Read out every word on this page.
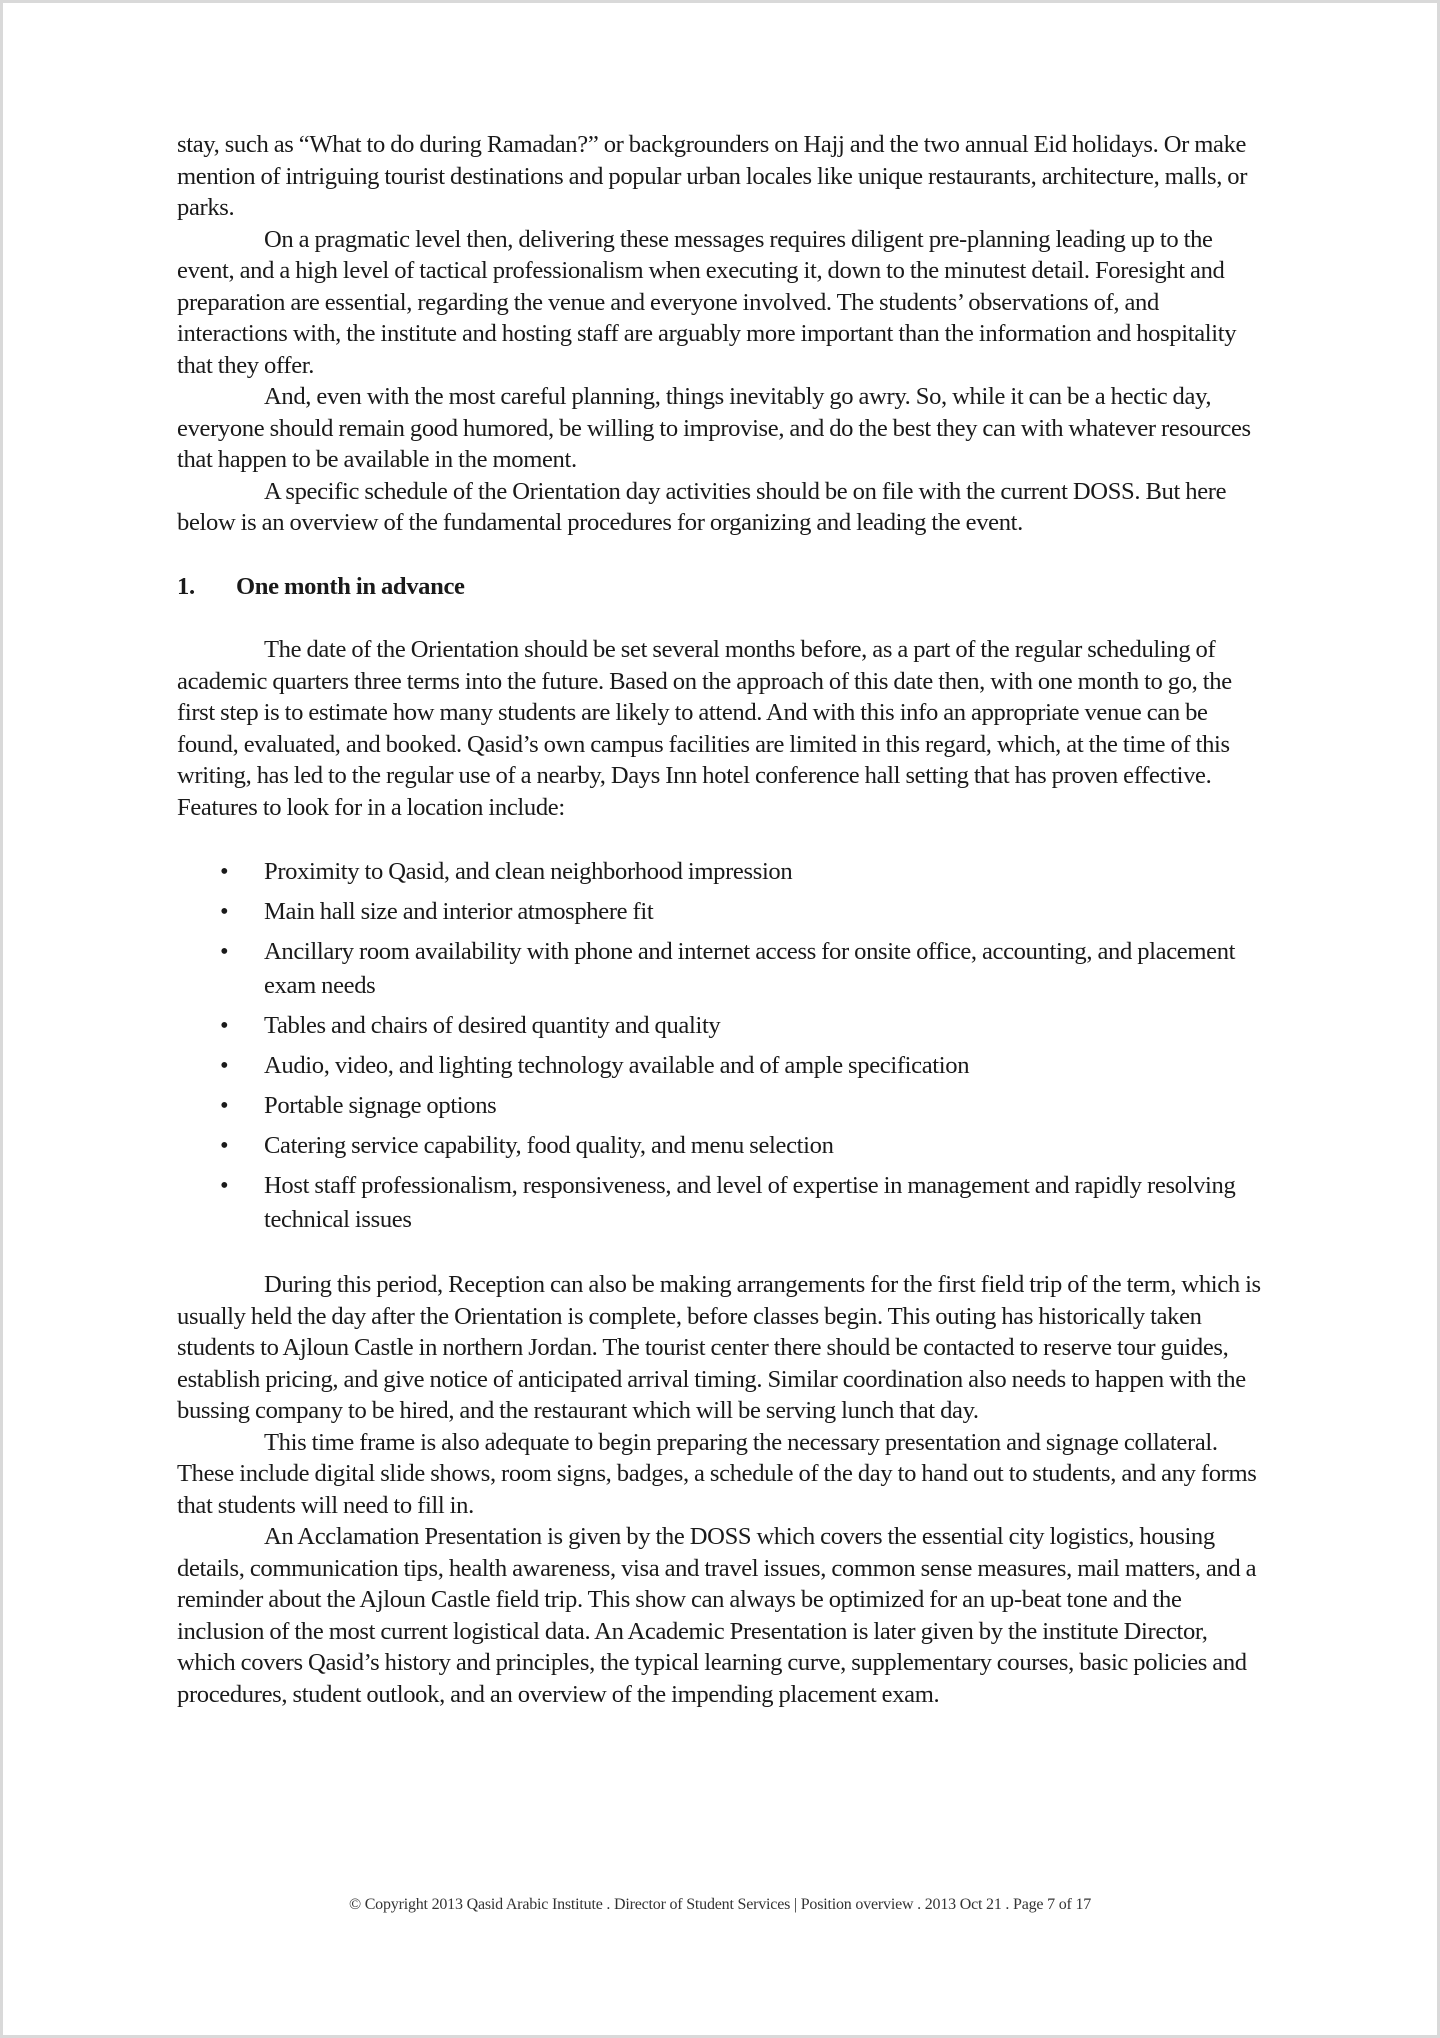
stay, such as “What to do during Ramadan?” or backgrounders on Hajj and the two annual Eid holidays. Or make mention of intriguing tourist destinations and popular urban locales like unique restaurants, architecture, malls, or parks.

On a pragmatic level then, delivering these messages requires diligent pre-planning leading up to the event, and a high level of tactical professionalism when executing it, down to the minutest detail. Foresight and preparation are essential, regarding the venue and everyone involved. The students’ observations of, and interactions with, the institute and hosting staff are arguably more important than the information and hospitality that they offer.

And, even with the most careful planning, things inevitably go awry. So, while it can be a hectic day, everyone should remain good humored, be willing to improvise, and do the best they can with whatever resources that happen to be available in the moment.

A specific schedule of the Orientation day activities should be on file with the current DOSS. But here below is an overview of the fundamental procedures for organizing and leading the event.

1.	One month in advance

The date of the Orientation should be set several months before, as a part of the regular scheduling of academic quarters three terms into the future. Based on the approach of this date then, with one month to go, the first step is to estimate how many students are likely to attend. And with this info an appropriate venue can be found, evaluated, and booked. Qasid’s own campus facilities are limited in this regard, which, at the time of this writing, has led to the regular use of a nearby, Days Inn hotel conference hall setting that has proven effective. Features to look for in a location include:

• Proximity to Qasid, and clean neighborhood impression
• Main hall size and interior atmosphere fit
• Ancillary room availability with phone and internet access for onsite office, accounting, and placement exam needs
• Tables and chairs of desired quantity and quality
• Audio, video, and lighting technology available and of ample specification
• Portable signage options
• Catering service capability, food quality, and menu selection
• Host staff professionalism, responsiveness, and level of expertise in management and rapidly resolving technical issues

During this period, Reception can also be making arrangements for the first field trip of the term, which is usually held the day after the Orientation is complete, before classes begin. This outing has historically taken students to Ajloun Castle in northern Jordan. The tourist center there should be contacted to reserve tour guides, establish pricing, and give notice of anticipated arrival timing. Similar coordination also needs to happen with the bussing company to be hired, and the restaurant which will be serving lunch that day.

This time frame is also adequate to begin preparing the necessary presentation and signage collateral. These include digital slide shows, room signs, badges, a schedule of the day to hand out to students, and any forms that students will need to fill in.

An Acclamation Presentation is given by the DOSS which covers the essential city logistics, housing details, communication tips, health awareness, visa and travel issues, common sense measures, mail matters, and a reminder about the Ajloun Castle field trip. This show can always be optimized for an up-beat tone and the inclusion of the most current logistical data. An Academic Presentation is later given by the institute Director, which covers Qasid’s history and principles, the typical learning curve, supplementary courses, basic policies and procedures, student outlook, and an overview of the impending placement exam.

© Copyright 2013 Qasid Arabic Institute . Director of Student Services | Position overview . 2013 Oct 21 . Page 7 of 17
